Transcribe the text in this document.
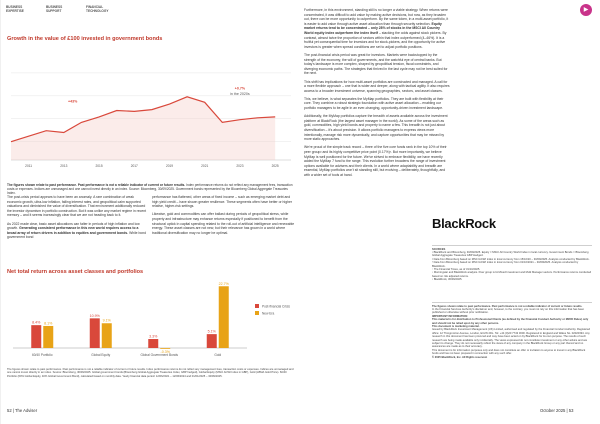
BUSINESS EXPERTISE
BUSINESS SUPPORT
FINANCIAL TECHNOLOGY	▶
Growth in the value of £100 invested in government bonds
2011	2013	2015	2017	2019	2021	2023	2025
+43%
+0.7%
in the 2020s
The figures shown relate to past performance. Past performance is not a reliable indicator of current or future results. Index performance returns do not reflect any management fees, transaction costs or expenses. Indices are unmanaged and one cannot invest directly in an index. Source: Bloomberg, 30/09/2025. Government bonds represented by the Bloomberg Global Aggregate Treasuries Index.

The post-crisis period appears to have been an anomaly. A rare combination of weak economic growth, ultra-low inflation, falling interest rates, and geopolitical calm supported valuations and diminished the value of diversification. That environment additionally reduced the investor dynamism in portfolio construction. But it was unlike any market regime in recent memory – and it seems increasingly clear that we are not heading back to it.

As 2022 made clear, basic asset allocations can falter in periods of high inflation and low growth. Generating consistent performance in this new world requires access to a broad array of return drivers in addition to equities and government bonds. While bond government bond

performance has flattened, other areas of fixed income – such as emerging market debt and high yield credit – have shown greater resilience. These segments often have better or higher relative, higher-risk settings.

Likewise, gold and commodities can offer ballast during periods of geopolitical stress, while property and infrastructure may enhance returns especially if positioned to benefit from the structural uptick in capital spending related to the roll-out of artificial intelligence and renewable energy. These asset classes are not new, but their relevance has grown in a world where traditional diversification may no longer be optimal.

Net total return across asset classes and portfolios
8.4% 8.1%
60/40 Portfolio
10.9%
9.1%
Global Equity
3.3%
-0.3%
Global Government Bonds
5.1%
22.7%
Gold
Post-financial Crisis
New Era
The figures shown relate to past performance. Past performance is not a reliable indicator of current or future results. Index performance returns do not reflect any management fees, transaction costs or expenses. Indices are unmanaged and one cannot invest directly in an index. Source: Bloomberg, 30/09/2025. Global government bonds (Bloomberg Global Aggregate Treasuries Index, GBP hedged), Global Equity (MSCI ACWI Index in GBP), Gold (LBMA Gold Price). 60/40 Portfolio (60% Global Equity, 40% Global Government Bond), calculated based on monthly data. Yearly financial data period: 12/06/2021 – 12/06/2024 and 01/01/2025 – 30/09/2025.

Furthermore, in this environment, standing still is no longer a viable strategy. When returns were concentrated, it was difficult to add value by making active decisions, but now, as they broaden out, there can be more opportunity to outperform. By the same token, in a multi-asset portfolio, it is easier to add value through active asset allocation than through security selection. Equity market returns tend to be concentrated – only 28% of stocks in the MSCI All Country World equity index outperform the index itself – stacking the odds against stock pickers. By contrast, almost twice the proportion of sectors within that index outperformed (4–46%). It is a fruitful yet consequential time for investors and for stock-pickers, and the opportunity for active investors is greater when spread conditions are set to adjust portfolio positions.

The post-financial crisis period was great for investors. Markets were backstopped by the strength of the economy, the will of governments, and the watchful eye of central banks. But today's landscape is more complex, shaped by geopolitical tension, fiscal constraints, and diverging economic paths. The strategies that thrived in the last cycle may not be best suited for the next.

This shift has implications for how multi-asset portfolios are constructed and managed. A call for a more flexible approach – one that is wider and deeper, along with tactical agility. It also requires access to a broader investment universe, spanning geographies, sectors, and asset classes.

This, we believe, is what separates the MyMap portfolios. They are built with flexibility at their core. They combine a robust strategic foundation with active asset allocation – enabling our portfolio managers to be agile in an ever-changing, opportunity-driven investment landscape.

Additionally, the MyMap portfolios capture the breadth of assets available across the investment platform at BlackRock (the largest asset manager in the world). As some of the areas such as gold, commodities, high yield bonds and property to name a few. This breadth is not just about diversification – it's about precision. It allows portfolio managers to express views more intentionally, manage risk more dynamically, and capture opportunities that may be missed by more static approaches.

We're proud of the simple track record – three of the five core funds rank in the top 10% of their peer group² and its highly competitive price point (0.17%)³. But more importantly, we believe MyMap is well positioned for the future. We've strived to embrace flexibility, we have recently added the MyMap 7 fund to the range. This evolution further broadens the range of investment options available for advisers and their clients. In a world where adaptability and breadth are essential, MyMap portfolios won't sit standing still, but evolving – deliberately, thoughtfully, and with a wider set of tools at hand.

BlackRock
SOURCES
¹ BlackRock and Bloomberg, 30/09/2025. Equity = MSCI All Country World Index in local currency. Government Bonds = Bloomberg Global Aggregate Treasuries GBP Hedged.
² Data from Bloomberg based on MSCI ACWI index in local currency from 15/10/20 – 30/09/2025. Analysis conducted by BlackRock.
³ Data from Bloomberg based on MSCI ACWI index in local currency from 01/10/2021 – 30/09/2025. Analysis conducted by BlackRock.
⁴ The Financial Times, as of 31/10/2025.
⁵ Morningstar and BlackRock analysis. Peer group is IA Mixed Investment and Multi Manager sectors. Performance returns conducted based on risk adjusted returns.
⁶ BlackRock, 30/09/2025.
The figures shown relate to past performance. Past performance is not a reliable indicator of current or future results.
In the Financial Services Authority's disclaimer and, however, to the contrary, you must not rely on this information that has been published or otherwise without prior notification.
IMPORTANT INFORMATION
This material is for distribution to Professional Clients (as defined by the Financial Conduct Authority or MiFID Rules) only and should not be relied upon by any other persons.
This document is marketing material.
Issued by BlackRock Investment Management (UK) Limited, authorised and regulated by the Financial Conduct Authority. Registered office: 12 Throgmorton Avenue, London, EC2N 2DL. Tel: +44 (0)20 7743 3000. Registered in England and Wales No. 02020394. Any research in this document has been procured and may have been acted on by BlackRock for its own purpose. The results of such research are being made available only incidentally. The views expressed do not constitute investment or any other advice and are subject to change. They do not necessarily reflect the views of any company in the BlackRock Group or any part thereof and no assurances are made as to their accuracy.
This document is for information purposes only and does not constitute an offer or invitation to anyone to invest in any BlackRock funds and has not been prepared in connection with any such offer.
© 2025 BlackRock, Inc. All Rights reserved.
52 | The Adviser	October 2025 | 53
